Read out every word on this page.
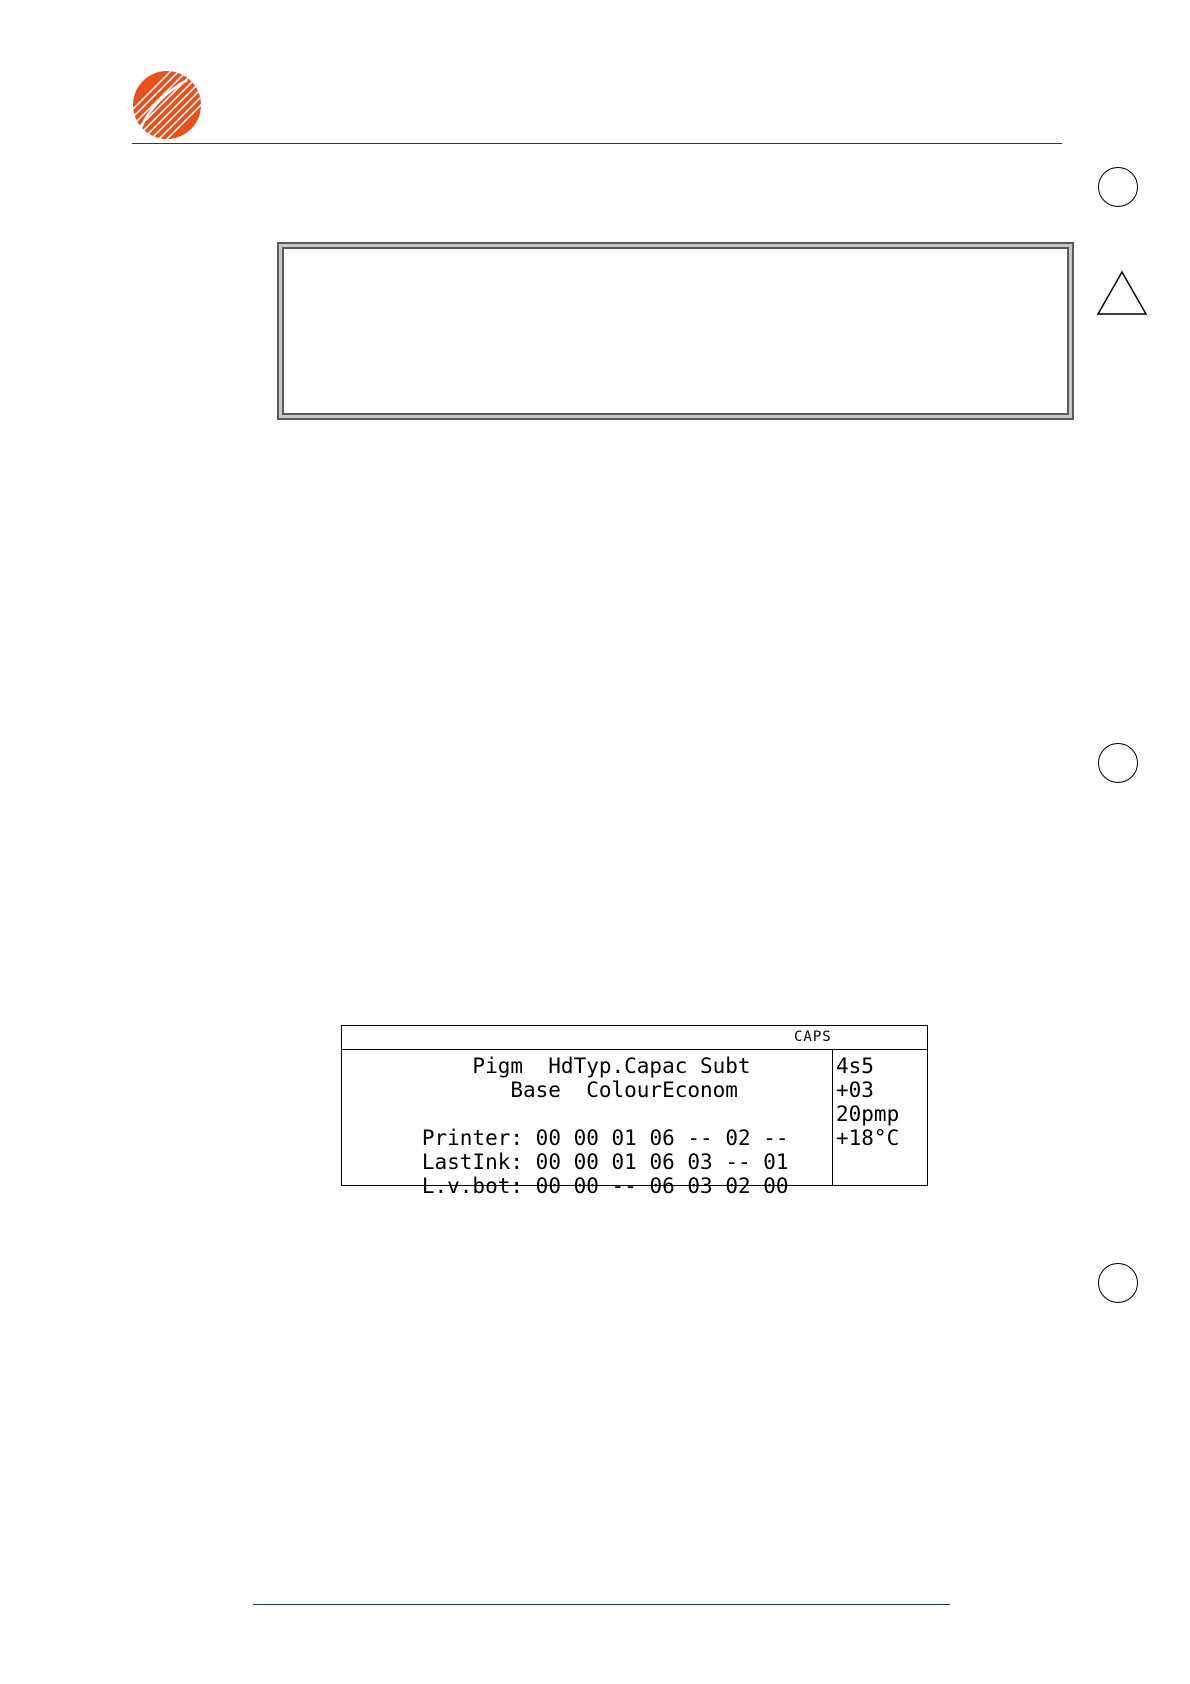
CAPS
Pigm  HdTyp.Capac Subt
Base  ColourEconom

Printer: 00 00 01 06 -- 02 --

LastInk: 00 00 01 06 03 -- 01

L.v.bot: 00 00 -- 06 03 02 00

4s5
+03
20pmp
+18°C
